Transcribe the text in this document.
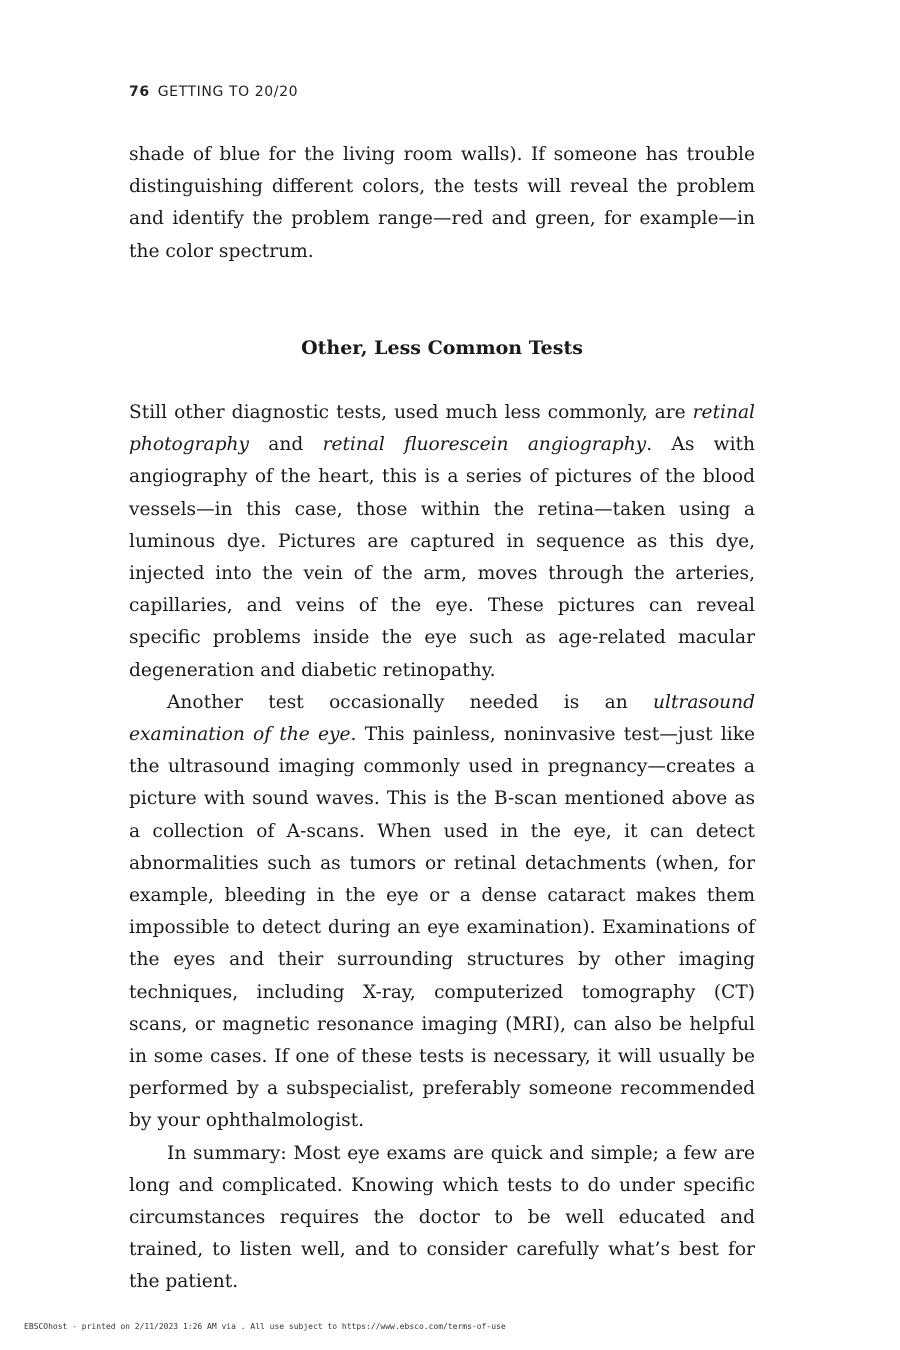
76 GETTING TO 20/20

shade of blue for the living room walls). If someone has trouble distinguishing different colors, the tests will reveal the problem and identify the problem range—red and green, for example—in the color spectrum.

Other, Less Common Tests

Still other diagnostic tests, used much less commonly, are retinal photography and retinal fluorescein angiography. As with angiography of the heart, this is a series of pictures of the blood vessels—in this case, those within the retina—taken using a luminous dye. Pictures are captured in sequence as this dye, injected into the vein of the arm, moves through the arteries, capillaries, and veins of the eye. These pictures can reveal specific problems inside the eye such as age-related macular degeneration and diabetic retinopathy.

Another test occasionally needed is an ultrasound examination of the eye. This painless, noninvasive test—just like the ultrasound imaging commonly used in pregnancy—creates a picture with sound waves. This is the B-scan mentioned above as a collection of A-scans. When used in the eye, it can detect abnormalities such as tumors or retinal detachments (when, for example, bleeding in the eye or a dense cataract makes them impossible to detect during an eye examination). Examinations of the eyes and their surrounding structures by other imaging techniques, including X-ray, computerized tomography (CT) scans, or magnetic resonance imaging (MRI), can also be helpful in some cases. If one of these tests is necessary, it will usually be performed by a subspecialist, preferably someone recommended by your ophthalmologist.

In summary: Most eye exams are quick and simple; a few are long and complicated. Knowing which tests to do under specific circumstances requires the doctor to be well educated and trained, to listen well, and to consider carefully what’s best for the patient.

EBSCOhost - printed on 2/11/2023 1:26 AM via . All use subject to https://www.ebsco.com/terms-of-use
